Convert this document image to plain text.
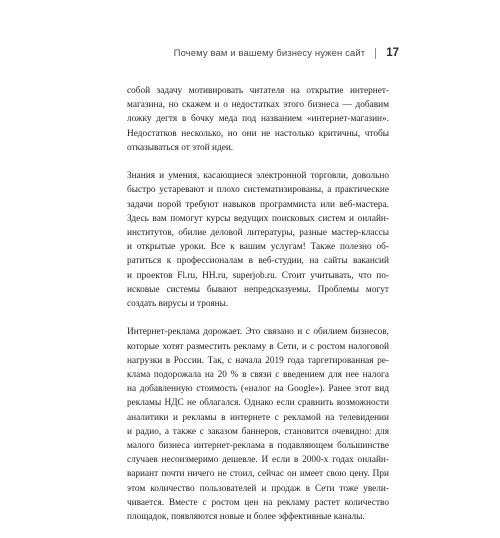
Почему вам и вашему бизнесу нужен сайт 17

собой задачу мотивировать читателя на открытие интернет-
магазина, но скажем и о недостатках этого бизнеса — добавим
ложку дегтя в бочку меда под названием «интернет-магазин».
Недостатков несколько, но они не настолько критичны, чтобы
отказываться от этой идеи.

Знания и умения, касающиеся электронной торговли, довольно
быстро устаревают и плохо систематизированы, а практические
задачи порой требуют навыков программиста или веб-мастера.
Здесь вам помогут курсы ведущих поисковых систем и онлайн-
институтов, обилие деловой литературы, разные мастер-классы
и открытые уроки. Все к вашим услугам! Также полезно об-
ратиться к профессионалам в веб-студии, на сайты вакансий
и проектов Fl.ru, HH.ru, superjob.ru. Стоит учитывать, что по-
исковые системы бывают непредсказуемы. Проблемы могут
создать вирусы и трояны.

Интернет-реклама дорожает. Это связано и с обилием бизнесов,
которые хотят разместить рекламу в Сети, и с ростом налоговой
нагрузки в России. Так, с начала 2019 года таргетированная ре-
клама подорожала на 20 % в связи с введением для нее налога
на добавленную стоимость («налог на Google»). Ранее этот вид
рекламы НДС не облагался. Однако если сравнить возможности
аналитики и рекламы в интернете с рекламой на телевидении
и радио, а также с заказом баннеров, становится очевидно: для
малого бизнеса интернет-реклама в подавляющем большинстве
случаев несоизмеримо дешевле. И если в 2000-х годах онлайн-
вариант почти ничего не стоил, сейчас он имеет свою цену. При
этом количество пользователей и продаж в Сети тоже увели-
чивается. Вместе с ростом цен на рекламу растет количество
площадок, появляются новые и более эффективные каналы.
